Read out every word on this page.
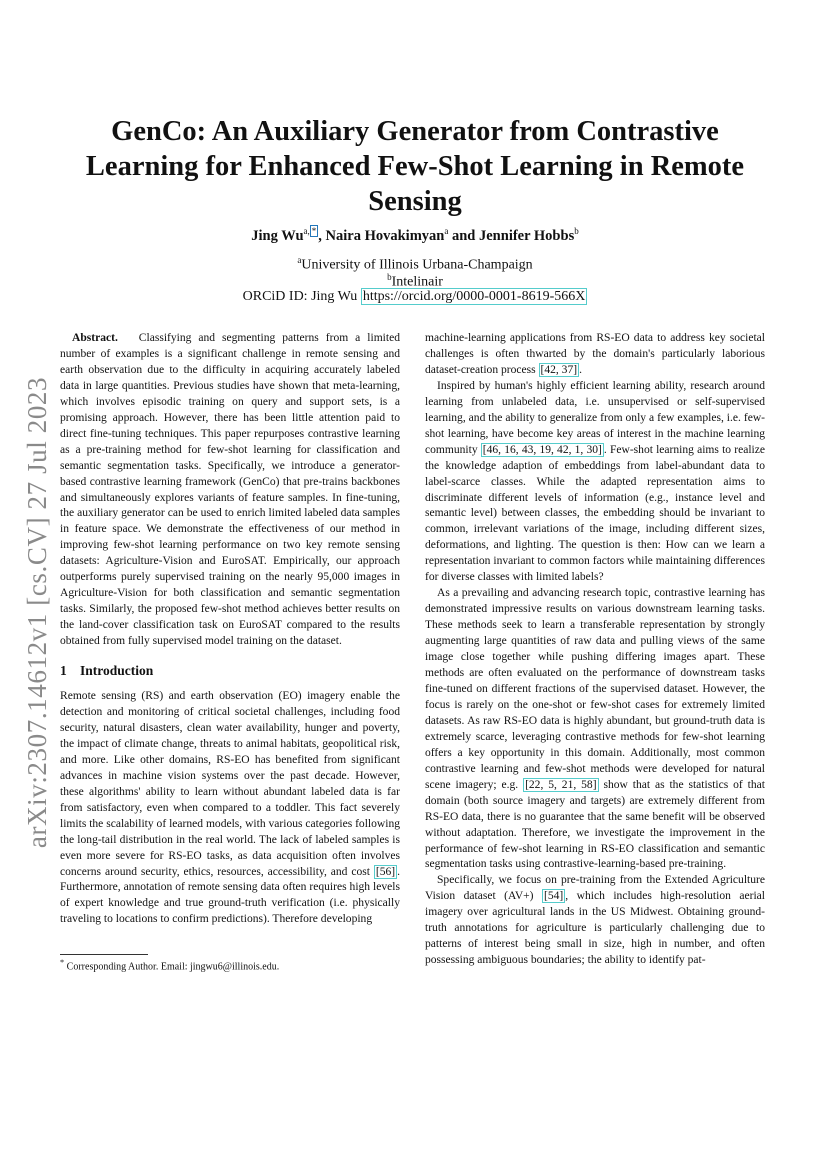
arXiv:2307.14612v1 [cs.CV] 27 Jul 2023
GenCo: An Auxiliary Generator from Contrastive
Learning for Enhanced Few-Shot Learning in Remote
Sensing
Jing $Wu^{a, *}$ , Naira Hovakimyan$^a$ and Jennifer Hobbs$^b$
$^a$University of Illinois Urbana-Champaign
$^b$Intelinair
ORCiD ID: Jing Wu https://orcid.org/0000-0001-8619-566X

Abstract. Classifying and segmenting patterns from a limited number of examples is a significant challenge in remote sensing and earth observation due to the difficulty in acquiring accurately labeled data in large quantities. Previous studies have shown that meta-learning, which involves episodic training on query and support sets, is a promising approach. However, there has been little attention paid to direct fine-tuning techniques. This paper repurposes contrastive learning as a pre-training method for few-shot learning for classification and semantic segmentation tasks. Specifically, we introduce a generator-based contrastive learning framework (GenCo) that pre-trains backbones and simultaneously explores variants of feature samples. In fine-tuning, the auxiliary generator can be used to enrich limited labeled data samples in feature space. We demonstrate the effectiveness of our method in improving few-shot learning performance on two key remote sensing datasets: Agriculture-Vision and EuroSAT. Empirically, our approach outperforms purely supervised training on the nearly 95,000 images in Agriculture-Vision for both classification and semantic segmentation tasks. Similarly, the proposed few-shot method achieves better results on the land-cover classification task on EuroSAT compared to the results obtained from fully supervised model training on the dataset.

1 Introduction

Remote sensing (RS) and earth observation (EO) imagery enable the detection and monitoring of critical societal challenges, including food security, natural disasters, clean water availability, hunger and poverty, the impact of climate change, threats to animal habitats, geopolitical risk, and more. Like other domains, RS-EO has benefited from significant advances in machine vision systems over the past decade. However, these algorithms' ability to learn without abundant labeled data is far from satisfactory, even when compared to a toddler. This fact severely limits the scalability of learned models, with various categories following the long-tail distribution in the real world. The lack of labeled samples is even more severe for RS-EO tasks, as data acquisition often involves concerns around security, ethics, resources, accessibility, and cost [56] . Furthermore, annotation of remote sensing data often requires high levels of expert knowledge and true ground-truth verification (i.e. physically traveling to locations to confirm predictions). Therefore developing

machine-learning applications from RS-EO data to address key societal challenges is often thwarted by the domain's particularly laborious dataset-creation process [42, 37] .

Inspired by human's highly efficient learning ability, research around learning from unlabeled data, i.e. unsupervised or self-supervised learning, and the ability to generalize from only a few examples, i.e. few-shot learning, have become key areas of interest in the machine learning community [46, 16, 43, 19, 42, 1, 30] . Few-shot learning aims to realize the knowledge adaption of embeddings from label-abundant data to label-scarce classes. While the adapted representation aims to discriminate different levels of information (e.g., instance level and semantic level) between classes, the embedding should be invariant to common, irrelevant variations of the image, including different sizes, deformations, and lighting. The question is then: How can we learn a representation invariant to common factors while maintaining differences for diverse classes with limited labels?

As a prevailing and advancing research topic, contrastive learning has demonstrated impressive results on various downstream learning tasks. These methods seek to learn a transferable representation by strongly augmenting large quantities of raw data and pulling views of the same image close together while pushing differing images apart. These methods are often evaluated on the performance of downstream tasks fine-tuned on different fractions of the supervised dataset. However, the focus is rarely on the one-shot or few-shot cases for extremely limited datasets. As raw RS-EO data is highly abundant, but ground-truth data is extremely scarce, leveraging contrastive methods for few-shot learning offers a key opportunity in this domain. Additionally, most common contrastive learning and few-shot methods were developed for natural scene imagery; e.g. [22, 5, 21, 58] show that as the statistics of that domain (both source imagery and targets) are extremely different from RS-EO data, there is no guarantee that the same benefit will be observed without adaptation. Therefore, we investigate the improvement in the performance of few-shot learning in RS-EO classification and semantic segmentation tasks using contrastive-learning-based pre-training.

Specifically, we focus on pre-training from the Extended Agriculture Vision dataset (AV+) [54] , which includes high-resolution aerial imagery over agricultural lands in the US Midwest. Obtaining ground-truth annotations for agriculture is particularly challenging due to patterns of interest being small in size, high in number, and often possessing ambiguous boundaries; the ability to identify pat-

* Corresponding Author. Email: jingwu6@illinois.edu.
